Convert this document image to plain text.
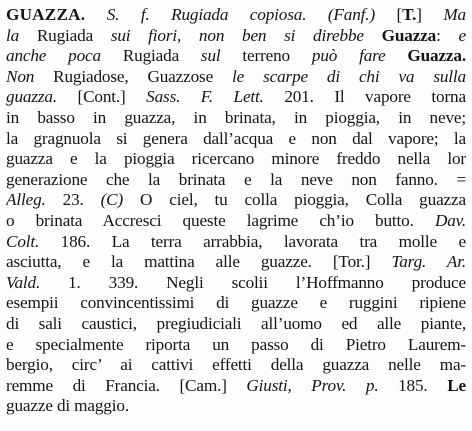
GUAZZA. S. f. Rugiada copiosa. (Fanf.) [T.] Ma
la Rugiada sui fiori, non ben si direbbe Guazza: e
anche poca Rugiada sul terreno può fare Guazza.
Non Rugiadose, Guazzose le scarpe di chi va sulla
guazza. [Cont.] Sass. F. Lett. 201. Il vapore torna
in basso in guazza, in brinata, in pioggia, in neve;
la gragnuola si genera dall’acqua e non dal vapore; la
guazza e la pioggia ricercano minore freddo nella lor
generazione che la brinata e la neve non fanno. =
Alleg. 23. (C) O ciel, tu colla pioggia, Colla guazza
o brinata Accresci queste lagrime ch’io butto. Dav.
Colt. 186. La terra arrabbia, lavorata tra molle e
asciutta, e la mattina alle guazze. [Tor.] Targ. Ar.
Vald. 1. 339. Negli scolii l’Hoffmanno produce
esempii convincentissimi di guazze e ruggini ripiene
di sali caustici, pregiudiciali all’uomo ed alle piante,
e specialmente riporta un passo di Pietro Laurem-
bergio, circ’ ai cattivi effetti della guazza nelle ma-
remme di Francia. [Cam.] Giusti, Prov. p. 185. Le
guazze di maggio.
